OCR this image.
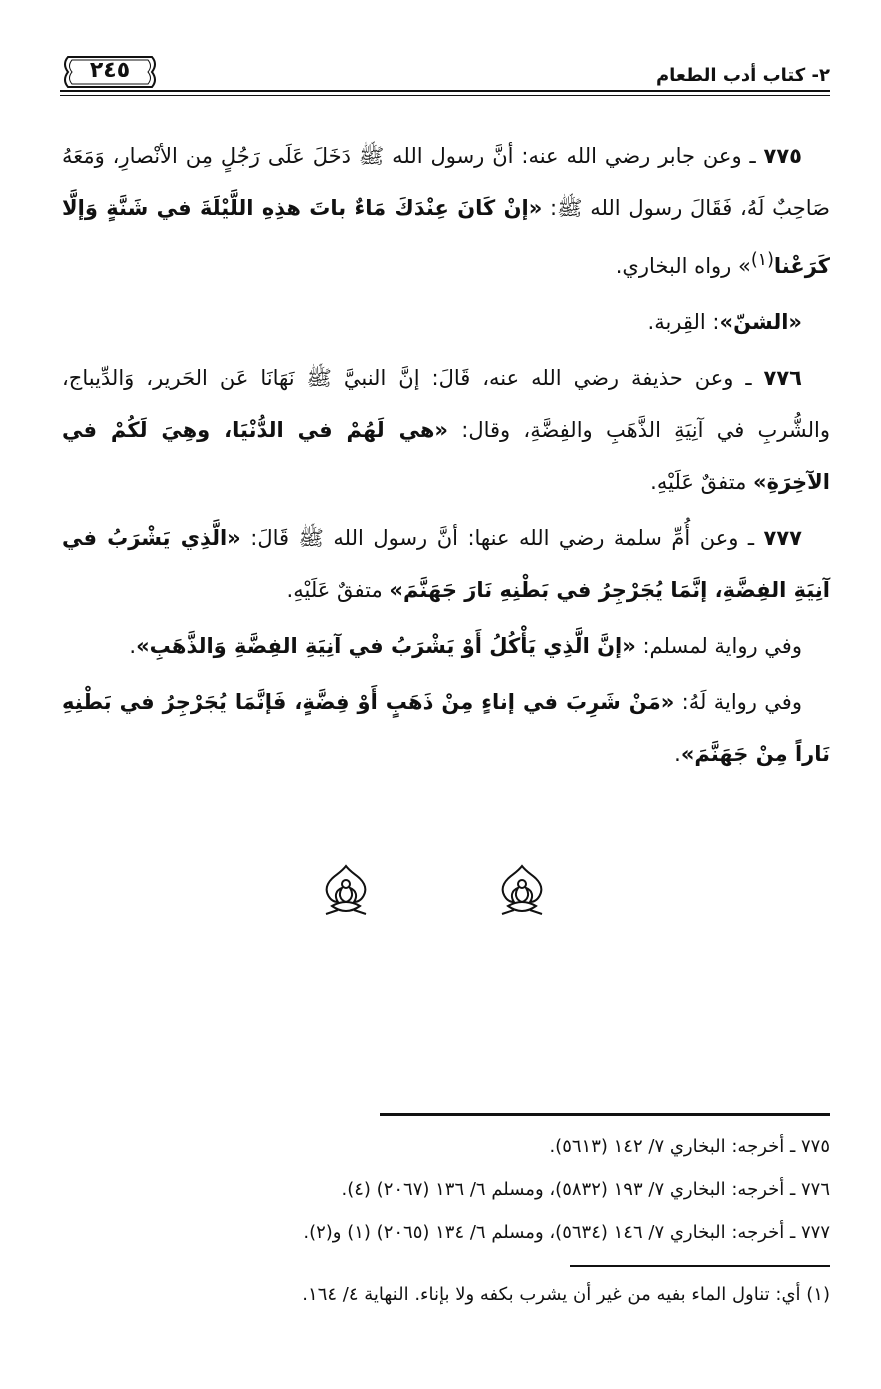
٢٤٥	٢- كتاب أدب الطعام

٧٧٥ ـ وعن جابر رضي الله عنه: أنَّ رسول الله ﷺ دَخَلَ عَلَى رَجُلٍ مِن الأنْصارِ، وَمَعَهُ صَاحِبٌ لَهُ، فَقَالَ رسول الله ﷺ: «إنْ كَانَ عِنْدَكَ مَاءٌ باتَ هذِهِ اللَّيْلَةَ في شَنَّةٍ وَإلَّا كَرَعْنا$^{(١)}$» رواه البخاري.

«الشنّ»: القِربة.

٧٧٦ ـ وعن حذيفة رضي الله عنه، قَالَ: إنَّ النبيَّ ﷺ نَهَانَا عَن الحَرير، وَالدِّيباج، والشُّربِ في آنِيَةِ الذَّهَبِ والفِضَّةِ، وقال: «هي لَهُمْ في الدُّنْيَا، وهِيَ لَكُمْ في الآخِرَةِ» متفقٌ عَلَيْهِ.

٧٧٧ ـ وعن أُمِّ سلمة رضي الله عنها: أنَّ رسول الله ﷺ قَالَ: «الَّذِي يَشْرَبُ في آنِيَةِ الفِضَّةِ، إنَّمَا يُجَرْجِرُ في بَطْنِهِ نَارَ جَهَنَّمَ» متفقٌ عَلَيْهِ.

وفي رواية لمسلم: «إنَّ الَّذِي يَأْكُلُ أَوْ يَشْرَبُ في آنِيَةِ الفِضَّةِ وَالذَّهَبِ».

وفي رواية لَهُ: «مَنْ شَرِبَ في إناءٍ مِنْ ذَهَبٍ أَوْ فِضَّةٍ، فَإنَّمَا يُجَرْجِرُ في بَطْنِهِ نَاراً مِنْ جَهَنَّمَ».

٧٧٥ ـ أخرجه: البخاري ٧/ ١٤٢ (٥٦١٣).
٧٧٦ ـ أخرجه: البخاري ٧/ ١٩٣ (٥٨٣٢)، ومسلم ٦/ ١٣٦ (٢٠٦٧) (٤).
٧٧٧ ـ أخرجه: البخاري ٧/ ١٤٦ (٥٦٣٤)، ومسلم ٦/ ١٣٤ (٢٠٦٥) (١) و(٢).
(١) أي: تناول الماء بفيه من غير أن يشرب بكفه ولا بإناء. النهاية ٤/ ١٦٤.
